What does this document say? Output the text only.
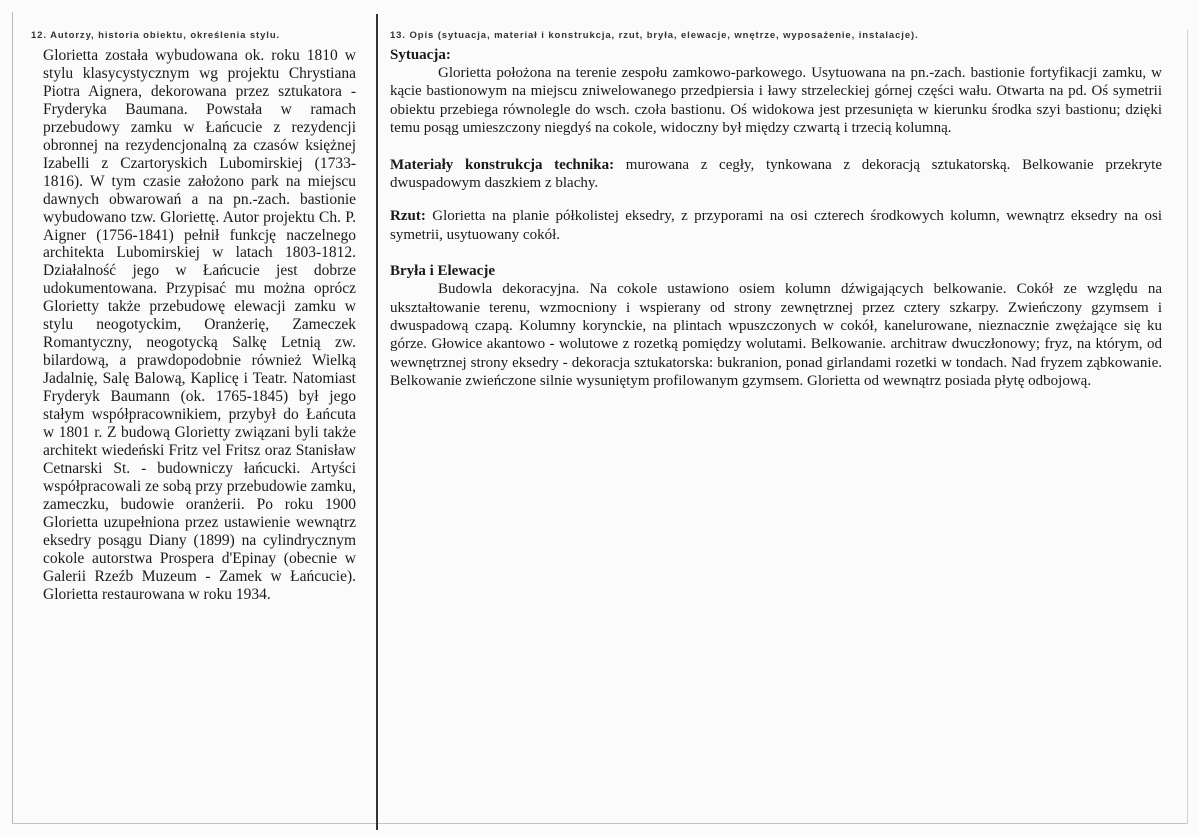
12. Autorzy, historia obiektu, określenia stylu.

Glorietta została wybudowana ok. roku 1810 w stylu klasycystycznym wg projektu Chrystiana Piotra Aignera, dekorowana przez sztukatora - Fryderyka Baumana. Powstała w ramach przebudowy zamku w Łańcucie z rezydencji obronnej na rezydencjonalną za czasów księżnej Izabelli z Czartoryskich Lubomirskiej (1733-1816). W tym czasie założono park na miejscu dawnych obwarowań a na pn.-zach. bastionie wybudowano tzw. Gloriettę. Autor projektu Ch. P. Aigner (1756-1841) pełnił funkcję naczelnego architekta Lubomirskiej w latach 1803-1812. Działalność jego w Łańcucie jest dobrze udokumentowana. Przypisać mu można oprócz Glorietty także przebudowę elewacji zamku w stylu neogotyckim, Oranżerię, Zameczek Romantyczny, neogotycką Salkę Letnią zw. bilardową, a prawdopodobnie również Wielką Jadalnię, Salę Balową, Kaplicę i Teatr. Natomiast Fryderyk Baumann (ok. 1765-1845) był jego stałym współpracownikiem, przybył do Łańcuta w 1801 r. Z budową Glorietty związani byli także architekt wiedeński Fritz vel Fritsz oraz Stanisław Cetnarski St. - budowniczy łańcucki. Artyści współpracowali ze sobą przy przebudowie zamku, zameczku, budowie oranżerii. Po roku 1900 Glorietta uzupełniona przez ustawienie wewnątrz eksedry posągu Diany (1899) na cylindrycznym cokole autorstwa Prospera d'Epinay (obecnie w Galerii Rzeźb Muzeum - Zamek w Łańcucie). Glorietta restaurowana w roku 1934.

13. Opis (sytuacja, materiał i konstrukcja, rzut, bryła, elewacje, wnętrze, wyposażenie, instalacje).

Sytuacja:

Glorietta położona na terenie zespołu zamkowo-parkowego. Usytuowana na pn.-zach. bastionie fortyfikacji zamku, w kącie bastionowym na miejscu zniwelowanego przedpiersia i ławy strzeleckiej górnej części wału. Otwarta na pd. Oś symetrii obiektu przebiega równolegle do wsch. czoła bastionu. Oś widokowa jest przesunięta w kierunku środka szyi bastionu; dzięki temu posąg umieszczony niegdyś na cokole, widoczny był między czwartą i trzecią kolumną.

Materiały konstrukcja technika: murowana z cegły, tynkowana z dekoracją sztukatorską. Belkowanie przekryte dwuspadowym daszkiem z blachy.

Rzut: Glorietta na planie półkolistej eksedry, z przyporami na osi czterech środkowych kolumn, wewnątrz eksedry na osi symetrii, usytuowany cokół.

Bryła i Elewacje

Budowla dekoracyjna. Na cokole ustawiono osiem kolumn dźwigających belkowanie. Cokół ze względu na ukształtowanie terenu, wzmocniony i wspierany od strony zewnętrznej przez cztery szkarpy. Zwieńczony gzymsem i dwuspadową czapą. Kolumny korynckie, na plintach wpuszczonych w cokół, kanelurowane, nieznacznie zwężające się ku górze. Głowice akantowo - wolutowe z rozetką pomiędzy wolutami. Belkowanie. architraw dwuczłonowy; fryz, na którym, od wewnętrznej strony eksedry - dekoracja sztukatorska: bukranion, ponad girlandami rozetki w tondach. Nad fryzem ząbkowanie. Belkowanie zwieńczone silnie wysuniętym profilowanym gzymsem. Glorietta od wewnątrz posiada płytę odbojową.
